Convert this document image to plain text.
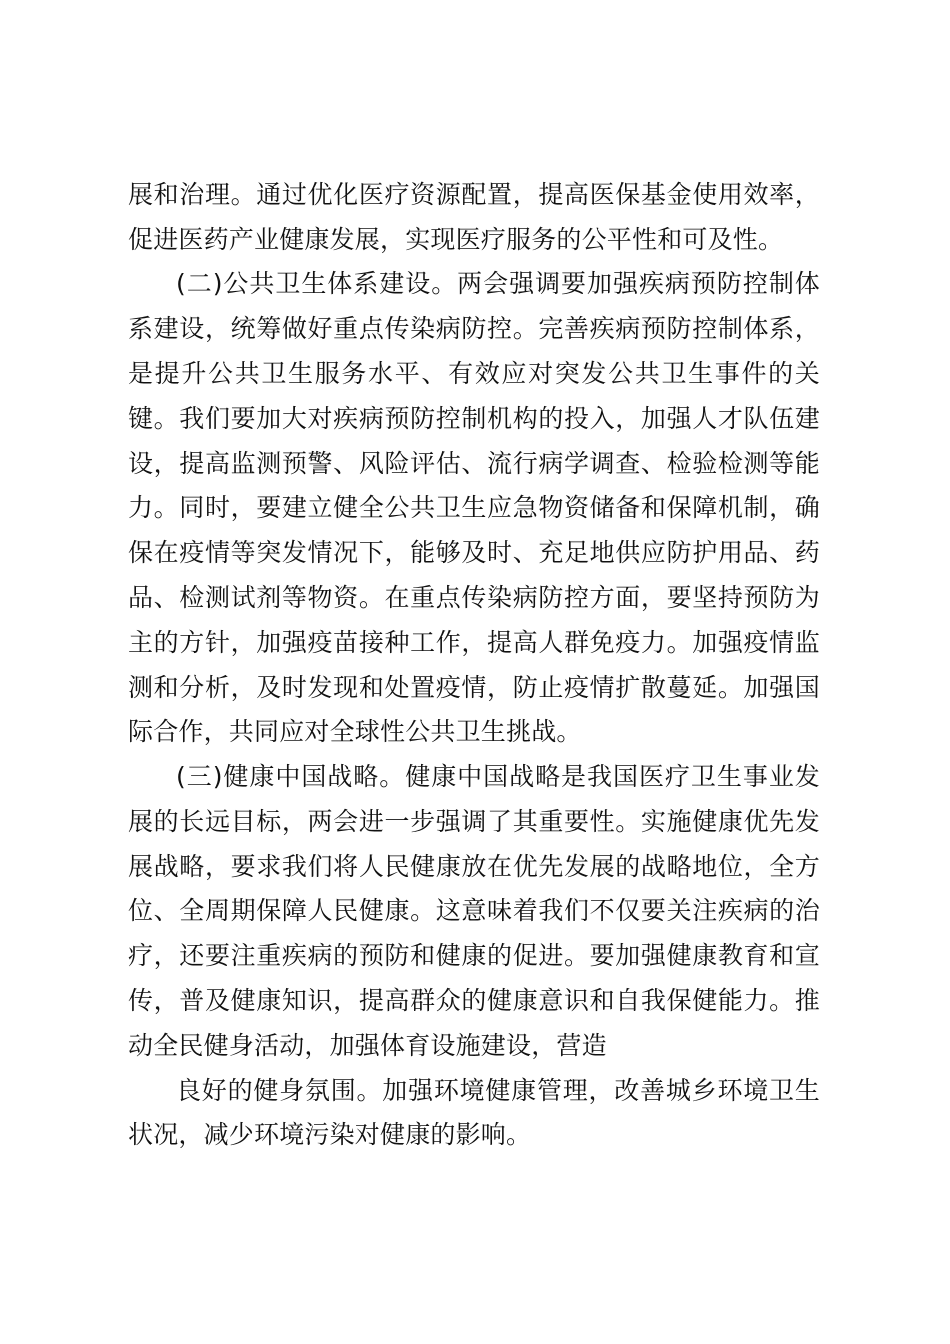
展和治理。通过优化医疗资源配置，提高医保基金使用效率，
促进医药产业健康发展，实现医疗服务的公平性和可及性。
(二)公共卫生体系建设。两会强调要加强疾病预防控制体
系建设，统筹做好重点传染病防控。完善疾病预防控制体系，
是提升公共卫生服务水平、有效应对突发公共卫生事件的关
键。我们要加大对疾病预防控制机构的投入，加强人才队伍建
设，提高监测预警、风险评估、流行病学调查、检验检测等能
力。同时，要建立健全公共卫生应急物资储备和保障机制，确
保在疫情等突发情况下，能够及时、充足地供应防护用品、药
品、检测试剂等物资。在重点传染病防控方面，要坚持预防为
主的方针，加强疫苗接种工作，提高人群免疫力。加强疫情监
测和分析，及时发现和处置疫情，防止疫情扩散蔓延。加强国
际合作，共同应对全球性公共卫生挑战。
(三)健康中国战略。健康中国战略是我国医疗卫生事业发
展的长远目标，两会进一步强调了其重要性。实施健康优先发
展战略，要求我们将人民健康放在优先发展的战略地位，全方
位、全周期保障人民健康。这意味着我们不仅要关注疾病的治
疗，还要注重疾病的预防和健康的促进。要加强健康教育和宣
传，普及健康知识，提高群众的健康意识和自我保健能力。推
动全民健身活动，加强体育设施建设，营造
良好的健身氛围。加强环境健康管理，改善城乡环境卫生
状况，减少环境污染对健康的影响。
